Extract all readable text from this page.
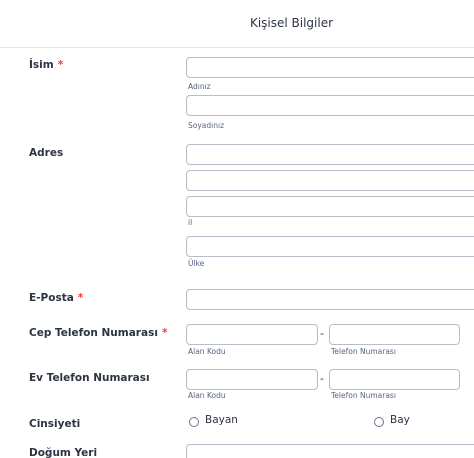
Kişisel Bilgiler
İsim *
Adınız
Soyadınız
Adres
il
Ülke
E-Posta *
Cep Telefon Numarası *	-
Alan Kodu	Telefon Numarası
Ev Telefon Numarası	-
Alan Kodu	Telefon Numarası
Cinsiyeti	Bayan	Bay
Doğum Yeri
